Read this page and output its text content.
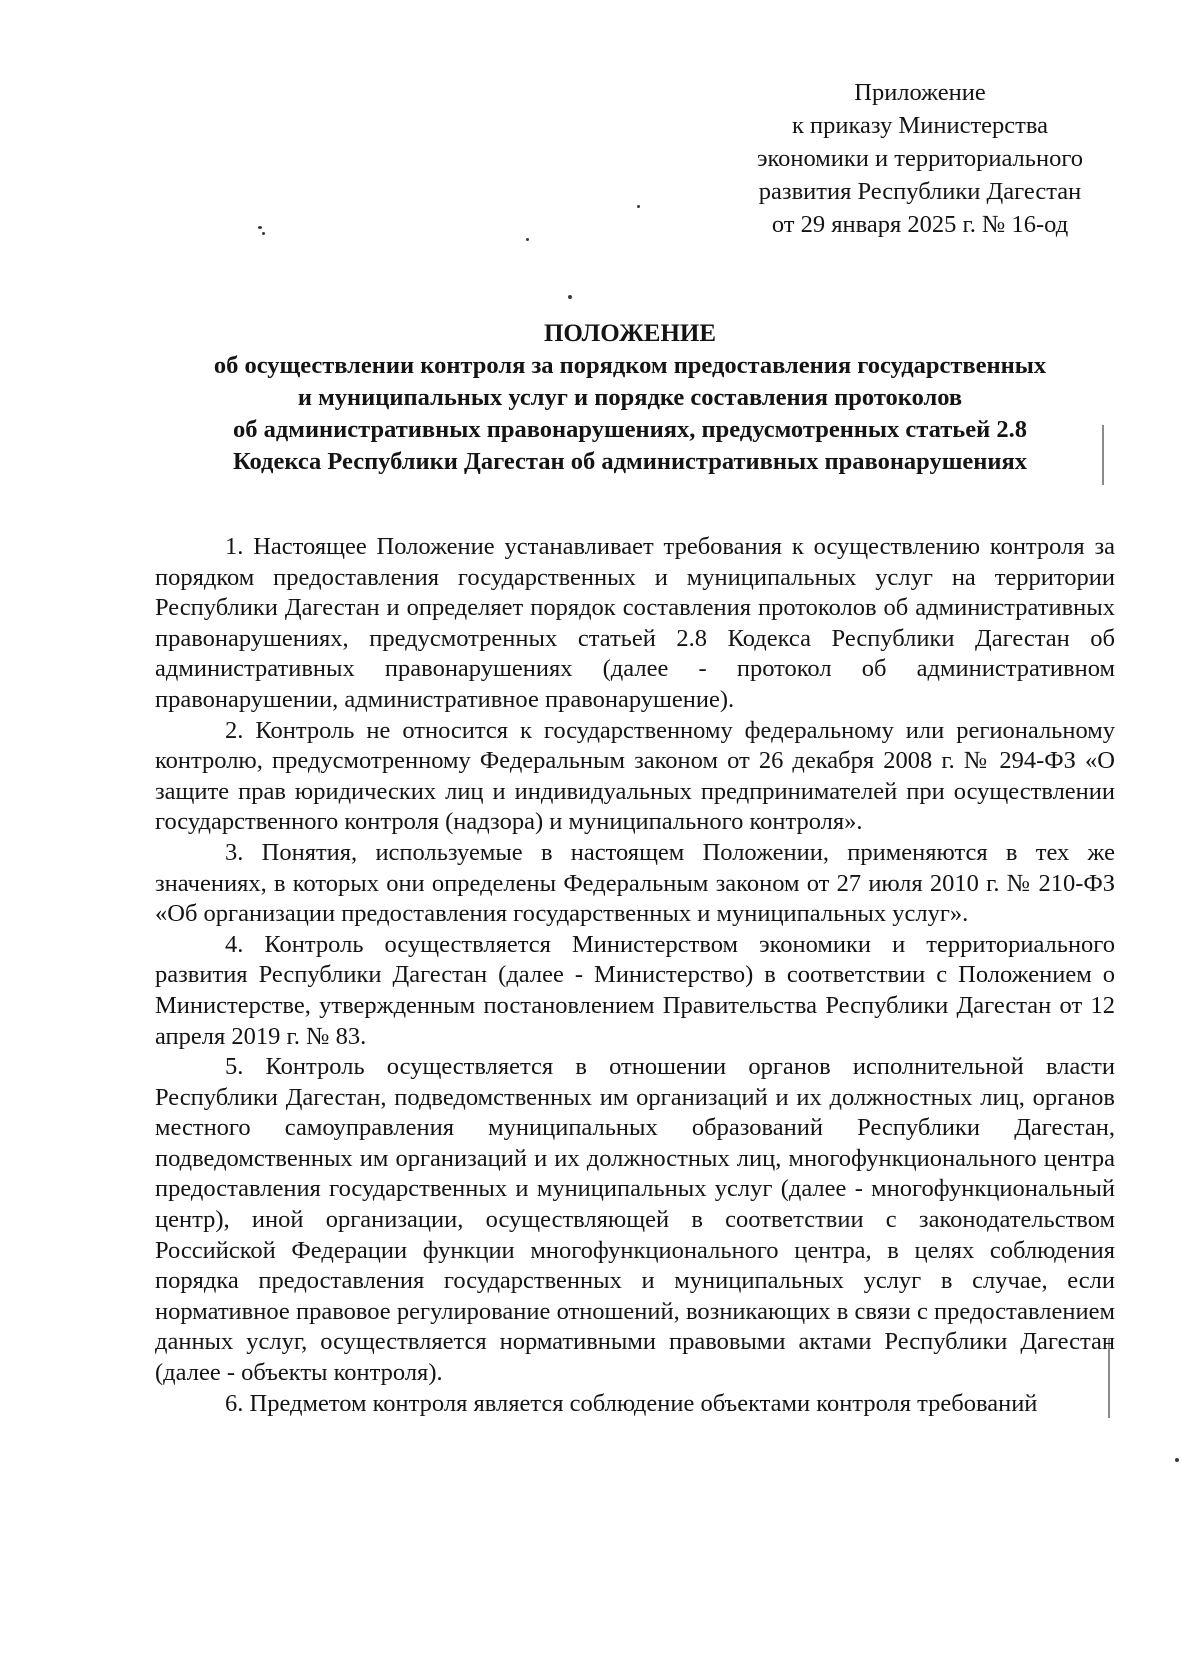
Приложение
к приказу Министерства
экономики и территориального
развития Республики Дагестан
от 29 января 2025 г. № 16-од
ПОЛОЖЕНИЕ
об осуществлении контроля за порядком предоставления государственных
и муниципальных услуг и порядке составления протоколов
об административных правонарушениях, предусмотренных статьей 2.8
Кодекса Республики Дагестан об административных правонарушениях

1. Настоящее Положение устанавливает требования к осуществлению контроля за порядком предоставления государственных и муниципальных услуг на территории Республики Дагестан и определяет порядок составления протоколов об административных правонарушениях, предусмотренных статьей 2.8 Кодекса Республики Дагестан об административных правонарушениях (далее - протокол об административном правонарушении, административное правонарушение).

2. Контроль не относится к государственному федеральному или региональному контролю, предусмотренному Федеральным законом от 26 декабря 2008 г. № 294-ФЗ «О защите прав юридических лиц и индивидуальных предпринимателей при осуществлении государственного контроля (надзора) и муниципального контроля».

3. Понятия, используемые в настоящем Положении, применяются в тех же значениях, в которых они определены Федеральным законом от 27 июля 2010 г. № 210-ФЗ «Об организации предоставления государственных и муниципальных услуг».

4. Контроль осуществляется Министерством экономики и территориального развития Республики Дагестан (далее - Министерство) в соответствии с Положением о Министерстве, утвержденным постановлением Правительства Республики Дагестан от 12 апреля 2019 г. № 83.

5. Контроль осуществляется в отношении органов исполнительной власти Республики Дагестан, подведомственных им организаций и их должностных лиц, органов местного самоуправления муниципальных образований Республики Дагестан, подведомственных им организаций и их должностных лиц, многофункционального центра предоставления государственных и муниципальных услуг (далее - многофункциональный центр), иной организации, осуществляющей в соответствии с законодательством Российской Федерации функции многофункционального центра, в целях соблюдения порядка предоставления государственных и муниципальных услуг в случае, если нормативное правовое регулирование отношений, возникающих в связи с предоставлением данных услуг, осуществляется нормативными правовыми актами Республики Дагестан (далее - объекты контроля).

6. Предметом контроля является соблюдение объектами контроля требований
